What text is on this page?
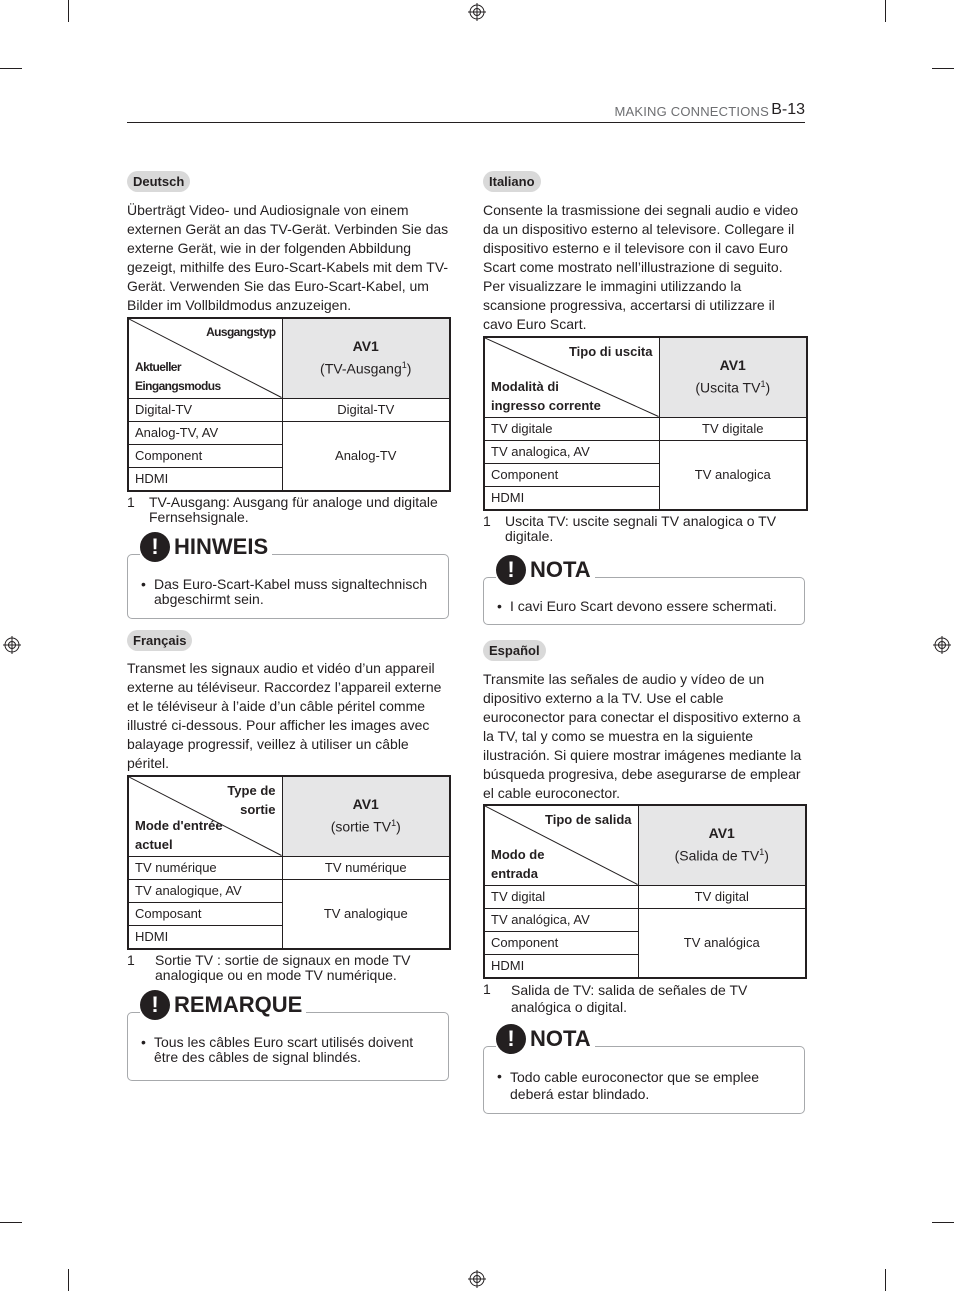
MAKING CONNECTIONS B-13
Deutsch

Überträgt Video- und Audiosignale von einem externen Gerät an das TV-Gerät. Verbinden Sie das externe Gerät, wie in der folgenden Abbildung gezeigt, mithilfe des Euro-Scart-Kabels mit dem TV-Gerät. Verwenden Sie das Euro-Scart-Kabel, um Bilder im Vollbildmodus anzuzeigen.

Ausgangstyp
Aktueller Eingangsmodus	AV1
(TV-Ausgang$^1$)
Digital-TV	Digital-TV
Analog-TV, AV	Analog-TV
Component	
HDMI	
1 TV-Ausgang: Ausgang für analoge und digitale Fernsehsignale.
! HINWEIS
• Das Euro-Scart-Kabel muss signaltechnisch abgeschirmt sein.
Français

Transmet les signaux audio et vidéo d’un appareil externe au téléviseur. Raccordez l’appareil externe et le téléviseur à l’aide d’un câble péritel comme illustré ci-dessous. Pour afficher les images avec balayage progressif, veillez à utiliser un câble péritel.

Type de sortie
Mode d'entrée actuel	AV1
(sortie $TV^1$)
TV numérique	TV numérique
TV analogique, AV	TV analogique
Composant	
HDMI	
1 Sortie TV : sortie de signaux en mode TV analogique ou en mode TV numérique.
! REMARQUE
• Tous les câbles Euro scart utilisés doivent être des câbles de signal blindés.
Italiano

Consente la trasmissione dei segnali audio e video da un dispositivo esterno al televisore. Collegare il dispositivo esterno e il televisore con il cavo Euro Scart come mostrato nell’illustrazione di seguito. Per visualizzare le immagini utilizzando la scansione progressiva, accertarsi di utilizzare il cavo Euro Scart.

Tipo di uscita
Modalità di ingresso corrente	AV1
(Uscita $TV^1$)
TV digitale	TV digitale
TV analogica, AV	TV analogica
Component	
HDMI	
1 Uscita TV: uscite segnali TV analogica o TV digitale.
! NOTA
• I cavi Euro Scart devono essere schermati.
Español

Transmite las señales de audio y vídeo de un dipositivo externo a la TV. Use el cable euroconector para conectar el dispositivo externo a la TV, tal y como se muestra en la siguiente ilustración. Si quiere mostrar imágenes mediante la búsqueda progresiva, debe asegurarse de emplear el cable euroconector.

Tipo de salida
Modo de entrada	AV1
(Salida de $TV^1$)
TV digital	TV digital
TV analógica, AV	TV analógica
Component	
HDMI	
1 Salida de TV: salida de señales de TV analógica o digital.
! NOTA
• Todo cable euroconector que se emplee deberá estar blindado.
